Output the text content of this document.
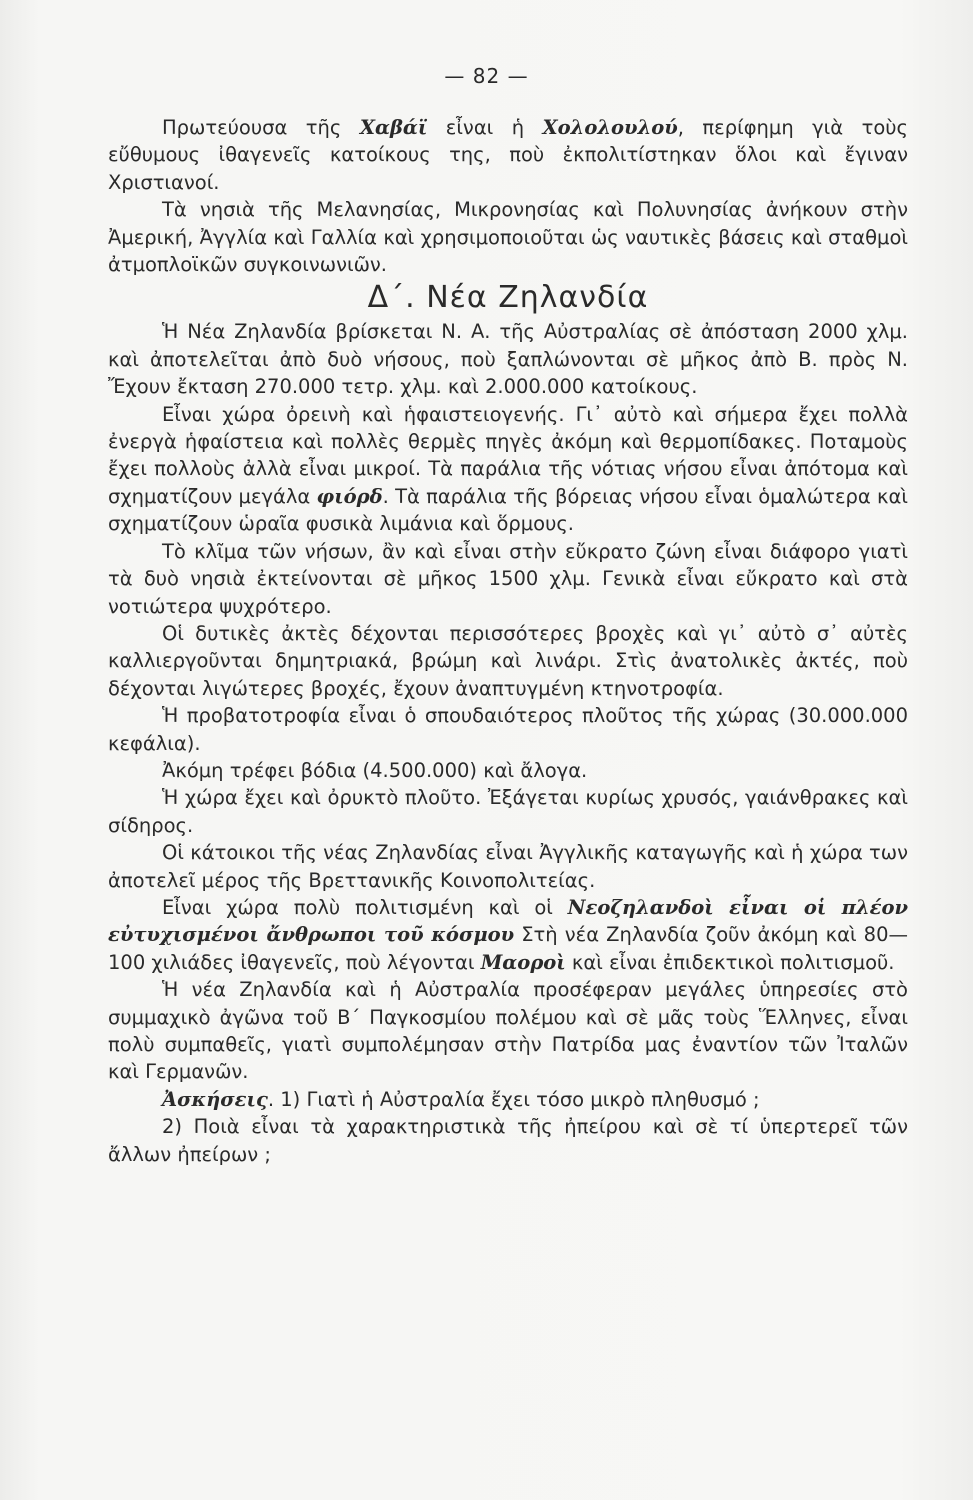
— 82 —

Πρωτεύουσα τῆς Χαβάϊ εἶναι ἡ Χολολουλού, περίφημη γιὰ τοὺς εὔθυμους ἰθαγενεῖς κατοίκους της, ποὺ ἐκπολιτίστηκαν ὅλοι καὶ ἔγιναν Χριστιανοί.

Τὰ νησιὰ τῆς Μελανησίας, Μικρονησίας καὶ Πολυνησίας ἀνήκουν στὴν Ἀμερική, Ἀγγλία καὶ Γαλλία καὶ χρησιμοποιοῦται ὡς ναυτικὲς βάσεις καὶ σταθμοὶ ἀτμοπλοϊκῶν συγκοινωνιῶν.

Δ΄. Νέα Ζηλανδία

Ἡ Νέα Ζηλανδία βρίσκεται Ν. Α. τῆς Αὐστραλίας σὲ ἀπόσταση 2000 χλμ. καὶ ἀποτελεῖται ἀπὸ δυὸ νήσους, ποὺ ξαπλώνονται σὲ μῆκος ἀπὸ Β. πρὸς Ν. Ἔχουν ἔκταση 270.000 τετρ. χλμ. καὶ 2.000.000 κατοίκους.

Εἶναι χώρα ὀρεινὴ καὶ ἡφαιστειογενής. Γι᾽ αὐτὸ καὶ σήμερα ἔχει πολλὰ ἐνεργὰ ἡφαίστεια καὶ πολλὲς θερμὲς πηγὲς ἀκόμη καὶ θερμοπίδακες. Ποταμοὺς ἔχει πολλοὺς ἀλλὰ εἶναι μικροί. Τὰ παράλια τῆς νότιας νήσου εἶναι ἀπότομα καὶ σχηματίζουν μεγάλα φιόρδ. Τὰ παράλια τῆς βόρειας νήσου εἶναι ὁμαλώτερα καὶ σχηματίζουν ὡραῖα φυσικὰ λιμάνια καὶ ὅρμους.

Τὸ κλῖμα τῶν νήσων, ἂν καὶ εἶναι στὴν εὔκρατο ζώνη εἶναι διάφορο γιατὶ τὰ δυὸ νησιὰ ἐκτείνονται σὲ μῆκος 1500 χλμ. Γενικὰ εἶναι εὔκρατο καὶ στὰ νοτιώτερα ψυχρότερο.

Οἱ δυτικὲς ἀκτὲς δέχονται περισσότερες βροχὲς καὶ γι᾽ αὐτὸ σ᾽ αὐτὲς καλλιεργοῦνται δημητριακά, βρώμη καὶ λινάρι. Στὶς ἀνατολικὲς ἀκτές, ποὺ δέχονται λιγώτερες βροχές, ἔχουν ἀναπτυγμένη κτηνοτροφία.

Ἡ προβατοτροφία εἶναι ὁ σπουδαιότερος πλοῦτος τῆς χώρας (30.000.000 κεφάλια).

Ἀκόμη τρέφει βόδια (4.500.000) καὶ ἄλογα.

Ἡ χώρα ἔχει καὶ ὀρυκτὸ πλοῦτο. Ἐξάγεται κυρίως χρυσός, γαιάνθρακες καὶ σίδηρος.

Οἱ κάτοικοι τῆς νέας Ζηλανδίας εἶναι Ἀγγλικῆς καταγωγῆς καὶ ἡ χώρα των ἀποτελεῖ μέρος τῆς Βρεττανικῆς Κοινοπολιτείας.

Εἶναι χώρα πολὺ πολιτισμένη καὶ οἱ Νεοζηλανδοὶ εἶναι οἱ πλέον εὐτυχισμένοι ἄνθρωποι τοῦ κόσμου Στὴ νέα Ζηλανδία ζοῦν ἀκόμη καὶ 80—100 χιλιάδες ἰθαγενεῖς, ποὺ λέγονται Μαοροὶ καὶ εἶναι ἐπιδεκτικοὶ πολιτισμοῦ.

Ἡ νέα Ζηλανδία καὶ ἡ Αὐστραλία προσέφεραν μεγάλες ὑπηρεσίες στὸ συμμαχικὸ ἀγῶνα τοῦ Β΄ Παγκοσμίου πολέμου καὶ σὲ μᾶς τοὺς Ἕλληνες, εἶναι πολὺ συμπαθεῖς, γιατὶ συμπολέμησαν στὴν Πατρίδα μας ἐναντίον τῶν Ἰταλῶν καὶ Γερμανῶν.

Ἀσκήσεις. 1) Γιατὶ ἡ Αὐστραλία ἔχει τόσο μικρὸ πληθυσμό ;

2) Ποιὰ εἶναι τὰ χαρακτηριστικὰ τῆς ἠπείρου καὶ σὲ τί ὑπερτερεῖ τῶν ἄλλων ἠπείρων ;
